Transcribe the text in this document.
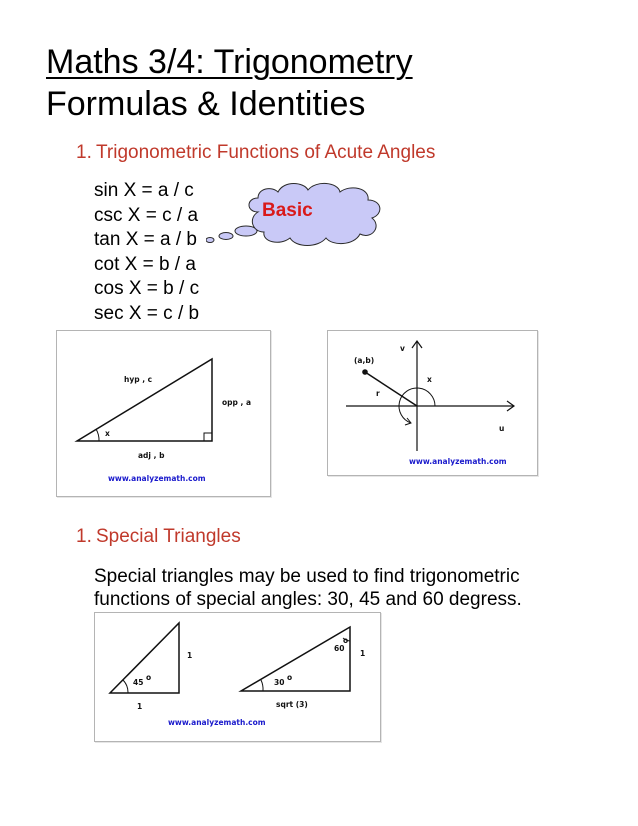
Maths 3/4: Trigonometry
Formulas & Identities
1. Trigonometric Functions of Acute Angles
sin X = a / c
csc X = c / a
tan X = a / b
cot X = b / a
cos X = b / c
sec X = c / b
Basic
hyp , c
opp , a
x
adj , b
www.analyzemath.com
v
(a,b)
x
r
u
www.analyzemath.com
1. Special Triangles
Special triangles may be used to find trigonometric
functions of special angles: 30, 45 and 60 degress.
45
o
1
1
60
o
1
30
o
sqrt (3)
www.analyzemath.com
